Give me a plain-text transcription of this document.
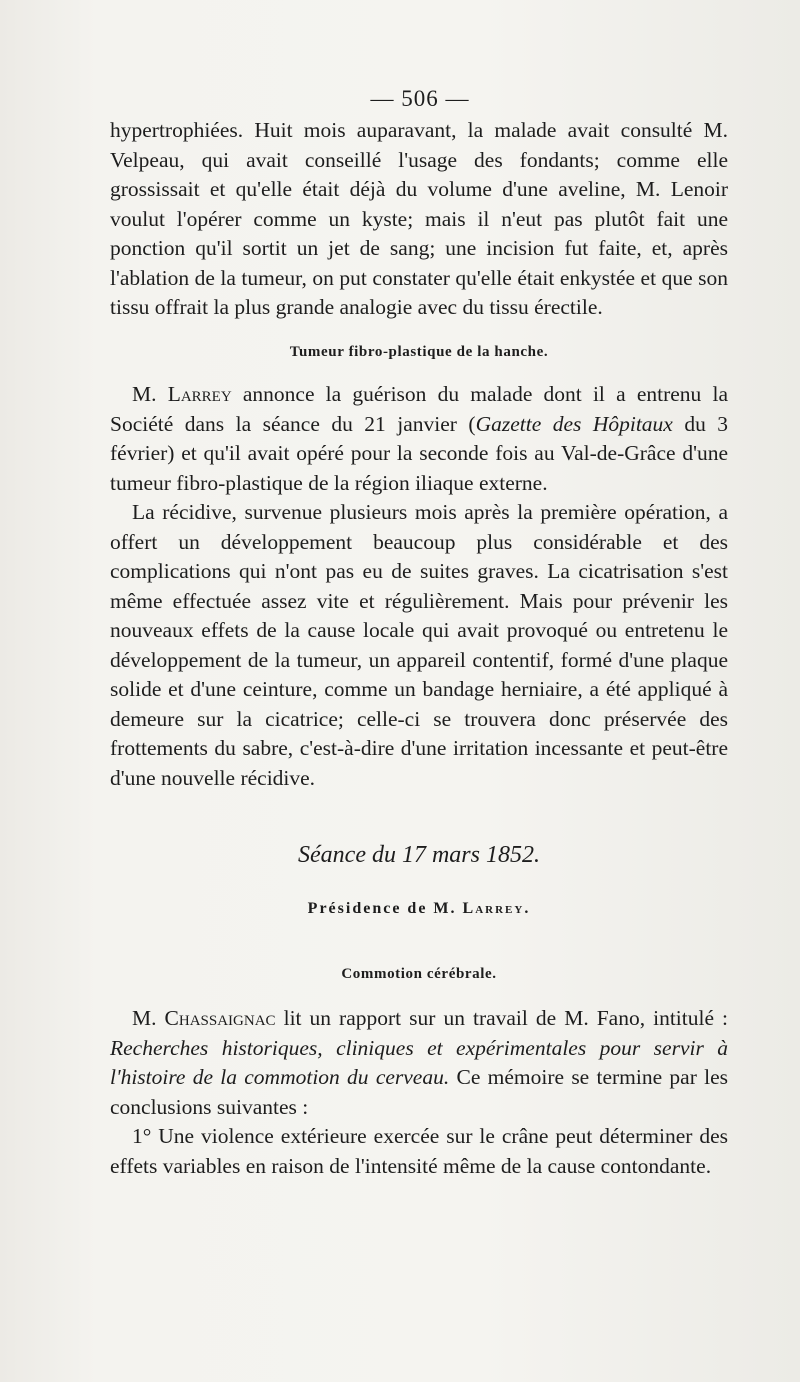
— 506 —

hypertrophiées. Huit mois auparavant, la malade avait consulté M. Velpeau, qui avait conseillé l'usage des fondants; comme elle grossissait et qu'elle était déjà du volume d'une aveline, M. Lenoir voulut l'opérer comme un kyste; mais il n'eut pas plutôt fait une ponction qu'il sortit un jet de sang; une incision fut faite, et, après l'ablation de la tumeur, on put constater qu'elle était enkystée et que son tissu offrait la plus grande analogie avec du tissu érectile.

Tumeur fibro-plastique de la hanche.

M. Larrey annonce la guérison du malade dont il a entrenu la Société dans la séance du 21 janvier (Gazette des Hôpitaux du 3 février) et qu'il avait opéré pour la seconde fois au Val-de-Grâce d'une tumeur fibro-plastique de la région iliaque externe.

La récidive, survenue plusieurs mois après la première opération, a offert un développement beaucoup plus considérable et des complications qui n'ont pas eu de suites graves. La cicatrisation s'est même effectuée assez vite et régulièrement. Mais pour prévenir les nouveaux effets de la cause locale qui avait provoqué ou entretenu le développement de la tumeur, un appareil contentif, formé d'une plaque solide et d'une ceinture, comme un bandage herniaire, a été appliqué à demeure sur la cicatrice; celle-ci se trouvera donc préservée des frottements du sabre, c'est-à-dire d'une irritation incessante et peut-être d'une nouvelle récidive.

Séance du 17 mars 1852.
Présidence de M. Larrey.
Commotion cérébrale.

M. Chassaignac lit un rapport sur un travail de M. Fano, intitulé : Recherches historiques, cliniques et expérimentales pour servir à l'histoire de la commotion du cerveau. Ce mémoire se termine par les conclusions suivantes :

1° Une violence extérieure exercée sur le crâne peut déterminer des effets variables en raison de l'intensité même de la cause contondante.
